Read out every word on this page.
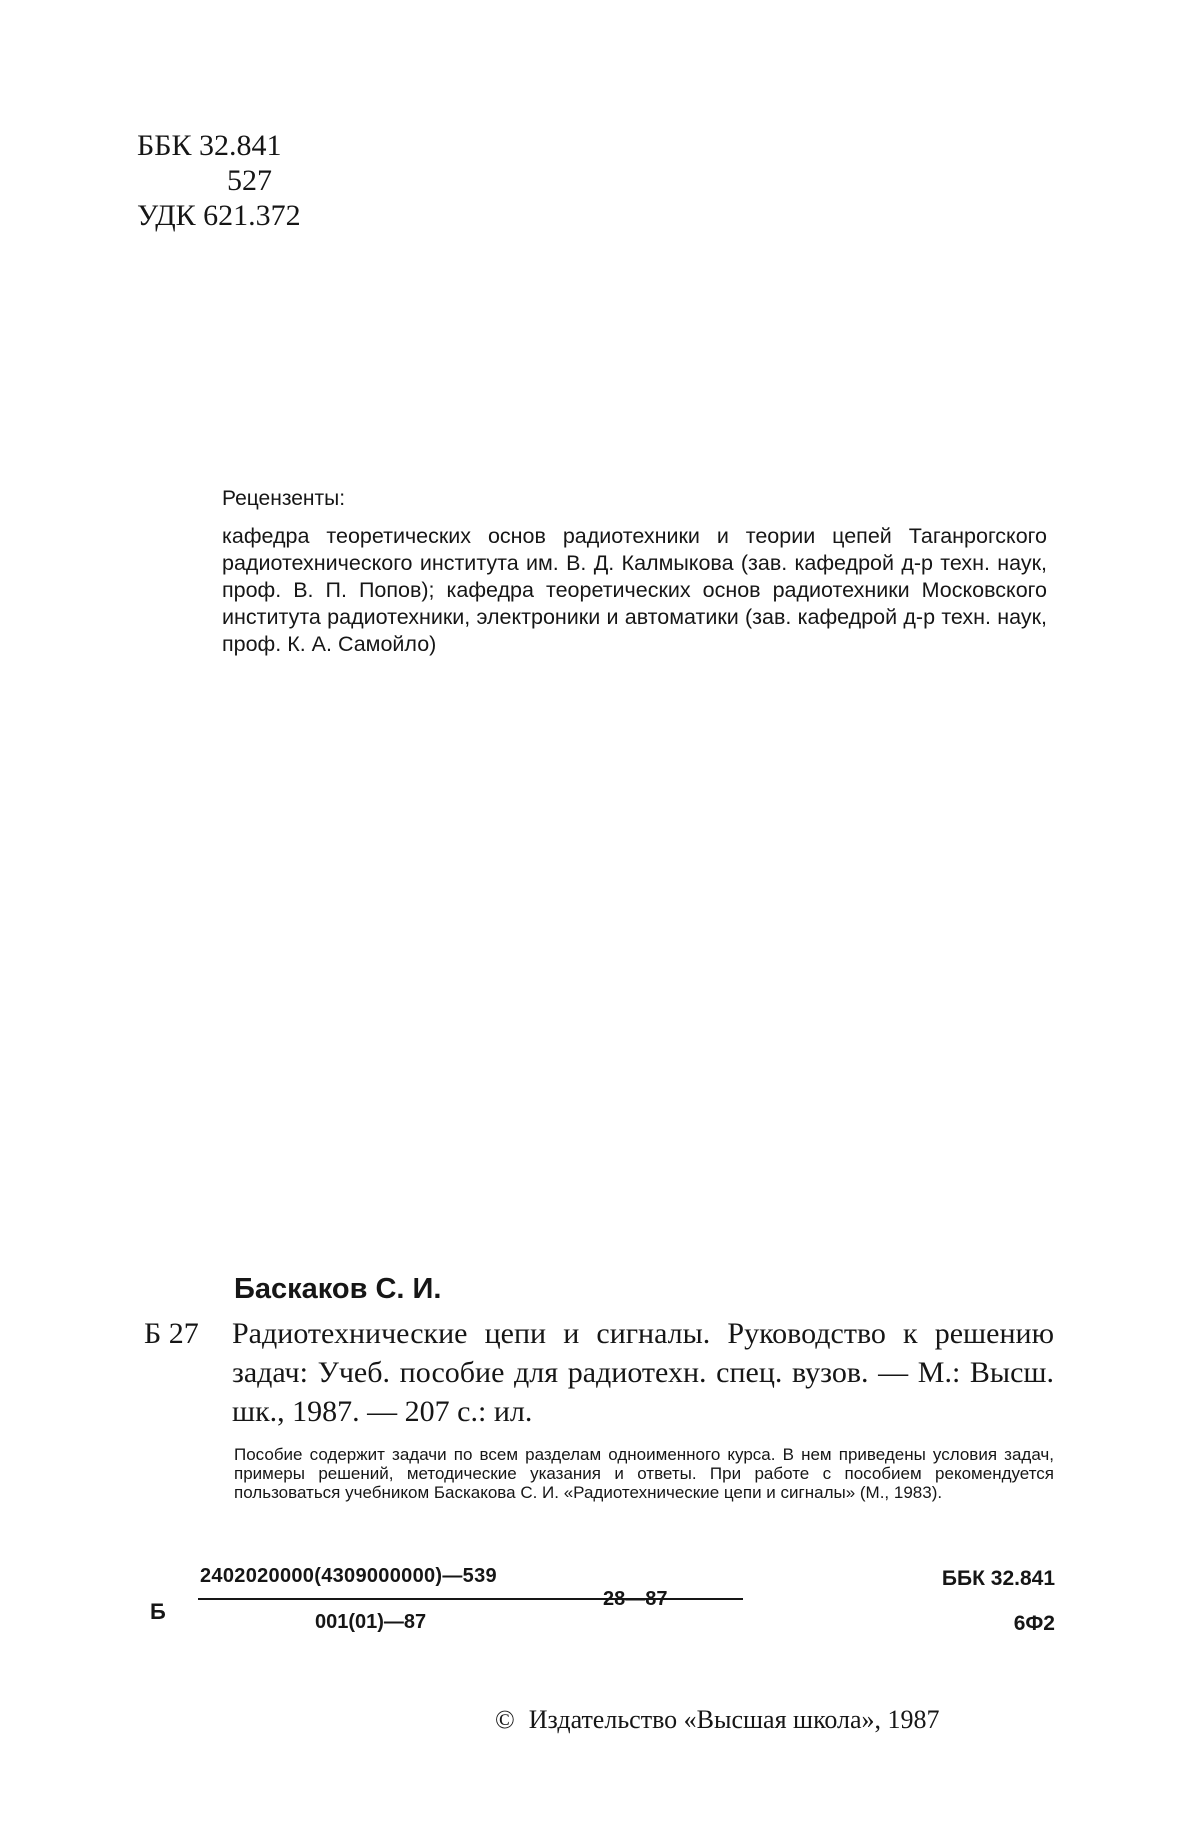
ББК 32.841
527
УДК 621.372
Рецензенты:
кафедра теоретических основ радиотехники и теории цепей Таганрогского радиотехнического института им. В. Д. Калмыкова (зав. кафедрой д-р техн. наук, проф. В. П. Попов); кафедра теоретических основ радиотехники Московского института радиотехники, электроники и автоматики (зав. кафедрой д-р техн. наук, проф. К. А. Самойло)
Баскаков С. И.
Б 27	Радиотехнические цепи и сигналы. Руководство к решению задач: Учеб. пособие для радиотехн. спец. вузов. — М.: Высш. шк., 1987. — 207 с.: ил.
Пособие содержит задачи по всем разделам одноименного курса. В нем приведены условия задач, примеры решений, методические указания и ответы. При работе с пособием рекомендуется пользоваться учебником Баскакова С. И. «Радиотехнические цепи и сигналы» (М., 1983).
Б
2402020000(4309000000)—539
28—87
001(01)—87
ББК 32.841
6Ф2
© Издательство «Высшая школа», 1987
